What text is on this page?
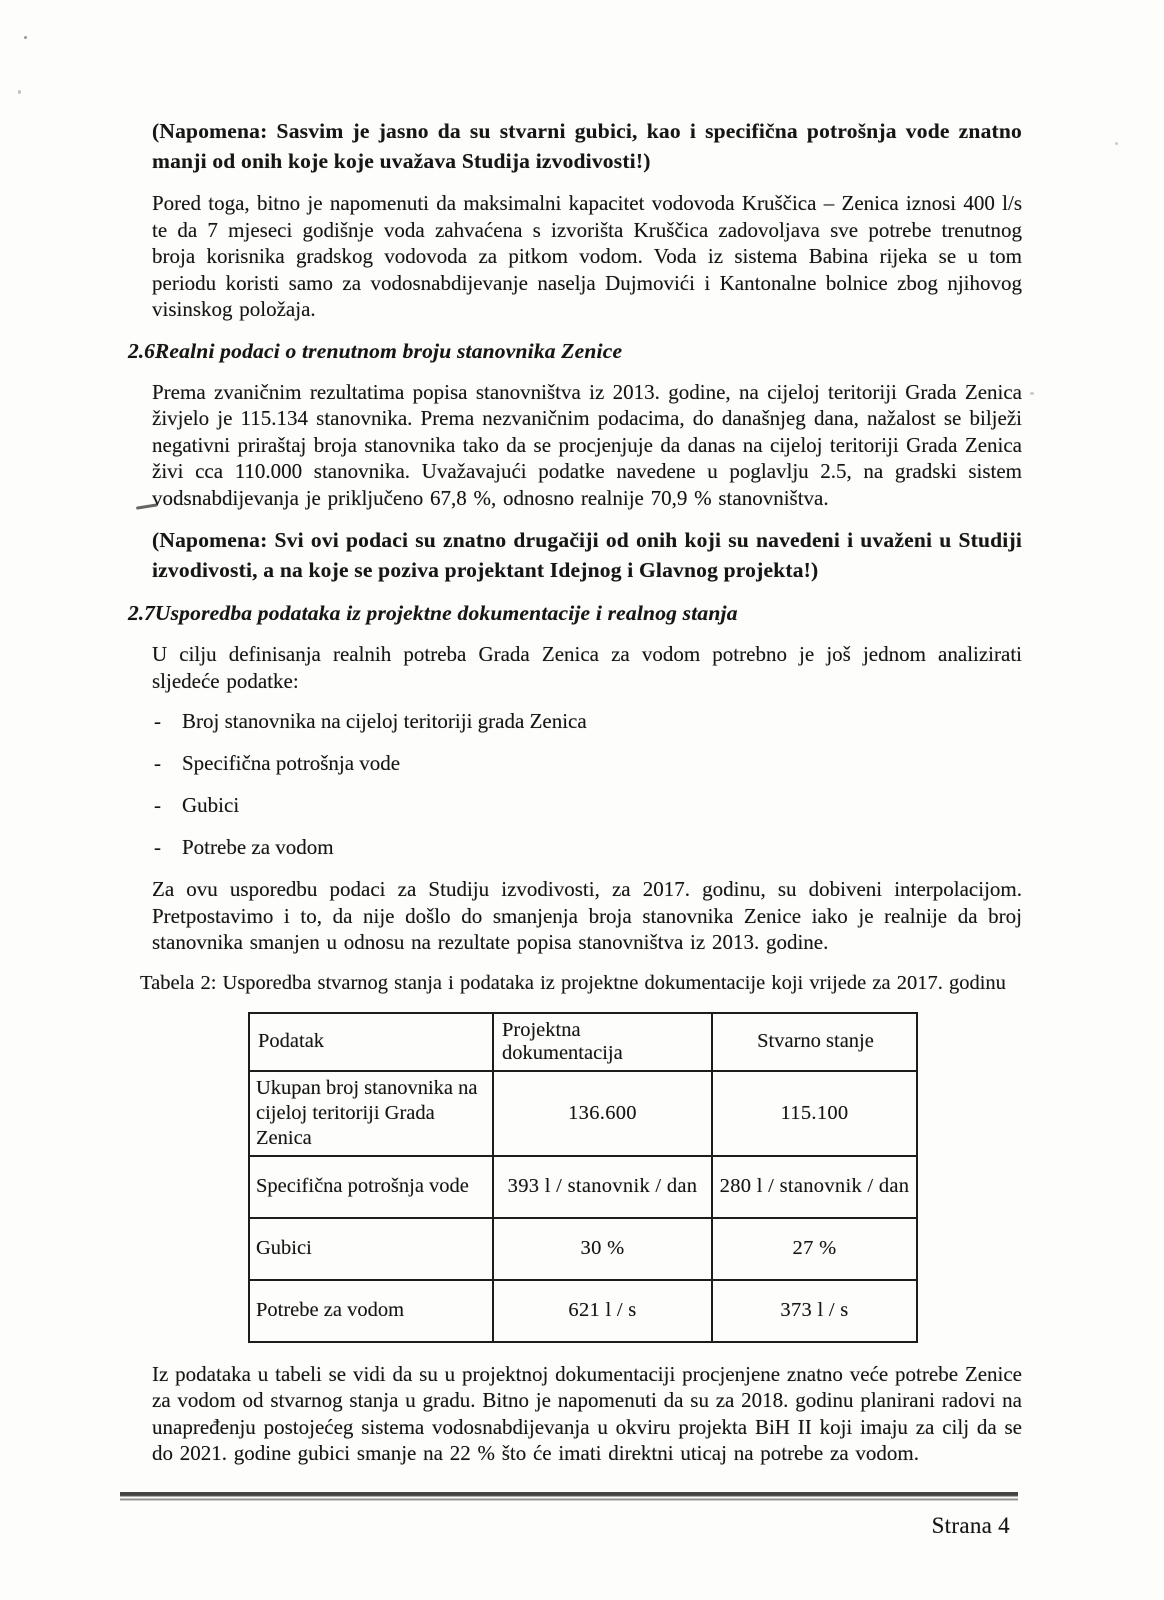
(Napomena: Sasvim je jasno da su stvarni gubici, kao i specifična potrošnja vode znatno manji od onih koje koje uvažava Studija izvodivosti!)

Pored toga, bitno je napomenuti da maksimalni kapacitet vodovoda Kruščica – Zenica iznosi 400 l/s te da 7 mjeseci godišnje voda zahvaćena s izvorišta Kruščica zadovoljava sve potrebe trenutnog broja korisnika gradskog vodovoda za pitkom vodom. Voda iz sistema Babina rijeka se u tom periodu koristi samo za vodosnabdijevanje naselja Dujmovići i Kantonalne bolnice zbog njihovog visinskog položaja.

2.6 Realni podaci o trenutnom broju stanovnika Zenice

Prema zvaničnim rezultatima popisa stanovništva iz 2013. godine, na cijeloj teritoriji Grada Zenica živjelo je 115.134 stanovnika. Prema nezvaničnim podacima, do današnjeg dana, nažalost se bilježi negativni priraštaj broja stanovnika tako da se procjenjuje da danas na cijeloj teritoriji Grada Zenica živi cca 110.000 stanovnika. Uvažavajući podatke navedene u poglavlju 2.5, na gradski sistem vodsnabdijevanja je priključeno 67,8 %, odnosno realnije 70,9 % stanovništva.

(Napomena: Svi ovi podaci su znatno drugačiji od onih koji su navedeni i uvaženi u Studiji izvodivosti, a na koje se poziva projektant Idejnog i Glavnog projekta!)

2.7 Usporedba podataka iz projektne dokumentacije i realnog stanja

U cilju definisanja realnih potreba Grada Zenica za vodom potrebno je još jednom analizirati sljedeće podatke:

-	Broj stanovnika na cijeloj teritoriji grada Zenica
-	Specifična potrošnja vode
-	Gubici
-	Potrebe za vodom

Za ovu usporedbu podaci za Studiju izvodivosti, za 2017. godinu, su dobiveni interpolacijom. Pretpostavimo i to, da nije došlo do smanjenja broja stanovnika Zenice iako je realnije da broj stanovnika smanjen u odnosu na rezultate popisa stanovništva iz 2013. godine.

Tabela 2: Usporedba stvarnog stanja i podataka iz projektne dokumentacije koji vrijede za 2017. godinu

Podatak	Projektna dokumentacija	Stvarno stanje
Ukupan broj stanovnika na cijeloj teritoriji Grada Zenica	136.600	115.100
Specifična potrošnja vode	393 l / stanovnik / dan	280 l / stanovnik / dan
Gubici	30 %	27 %
Potrebe za vodom	621 l / s	373 l / s

Iz podataka u tabeli se vidi da su u projektnoj dokumentaciji procjenjene znatno veće potrebe Zenice za vodom od stvarnog stanja u gradu. Bitno je napomenuti da su za 2018. godinu planirani radovi na unapređenju postojećeg sistema vodosnabdijevanja u okviru projekta BiH II koji imaju za cilj da se do 2021. godine gubici smanje na 22 % što će imati direktni uticaj na potrebe za vodom.

Strana 4
